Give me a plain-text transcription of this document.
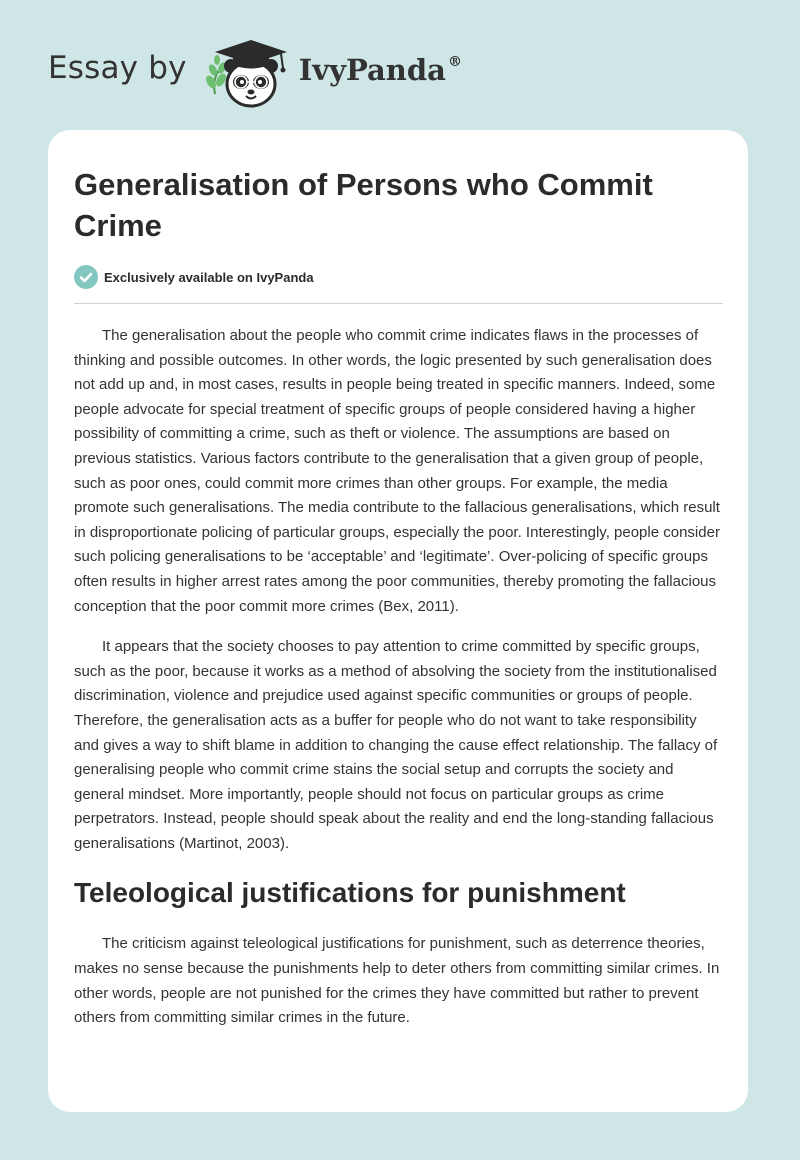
Essay by	IvyPanda ®
Generalisation of Persons who Commit Crime
Exclusively available on IvyPanda

The generalisation about the people who commit crime indicates flaws in the processes of thinking and possible outcomes. In other words, the logic presented by such generalisation does not add up and, in most cases, results in people being treated in specific manners. Indeed, some people advocate for special treatment of specific groups of people considered having a higher possibility of committing a crime, such as theft or violence. The assumptions are based on previous statistics. Various factors contribute to the generalisation that a given group of people, such as poor ones, could commit more crimes than other groups. For example, the media promote such generalisations. The media contribute to the fallacious generalisations, which result in disproportionate policing of particular groups, especially the poor. Interestingly, people consider such policing generalisations to be ‘acceptable’ and ‘legitimate’. Over-policing of specific groups often results in higher arrest rates among the poor communities, thereby promoting the fallacious conception that the poor commit more crimes (Bex, 2011).

It appears that the society chooses to pay attention to crime committed by specific groups, such as the poor, because it works as a method of absolving the society from the institutionalised discrimination, violence and prejudice used against specific communities or groups of people. Therefore, the generalisation acts as a buffer for people who do not want to take responsibility and gives a way to shift blame in addition to changing the cause effect relationship. The fallacy of generalising people who commit crime stains the social setup and corrupts the society and general mindset. More importantly, people should not focus on particular groups as crime perpetrators. Instead, people should speak about the reality and end the long-standing fallacious generalisations (Martinot, 2003).

Teleological justifications for punishment

The criticism against teleological justifications for punishment, such as deterrence theories, makes no sense because the punishments help to deter others from committing similar crimes. In other words, people are not punished for the crimes they have committed but rather to prevent others from committing similar crimes in the future.
